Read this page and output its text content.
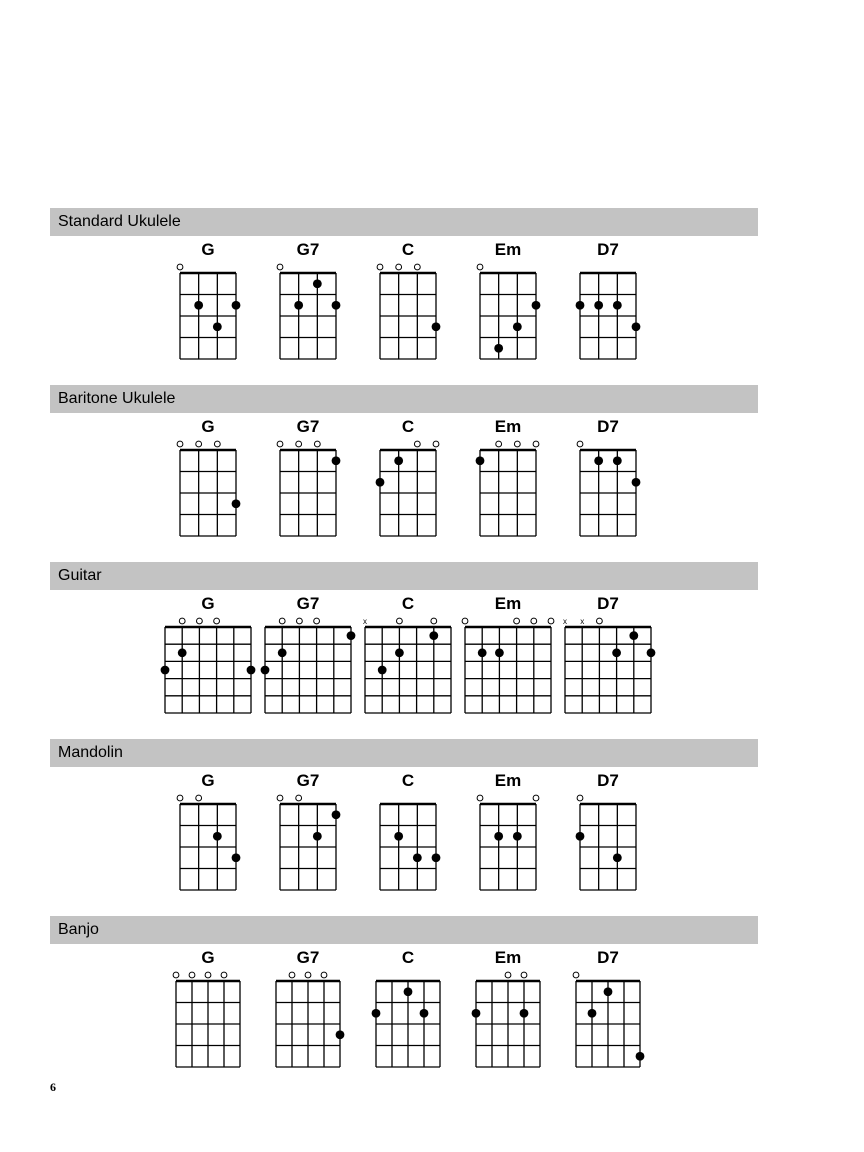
Standard Ukulele
G	G7	C	Em	D7
Baritone Ukulele
G	G7	C	Em	D7
Guitar
G	G7	C
x
Em	D7
x x
Mandolin
G	G7	C	Em	D7
Banjo
G	G7	C	Em	D7
6
